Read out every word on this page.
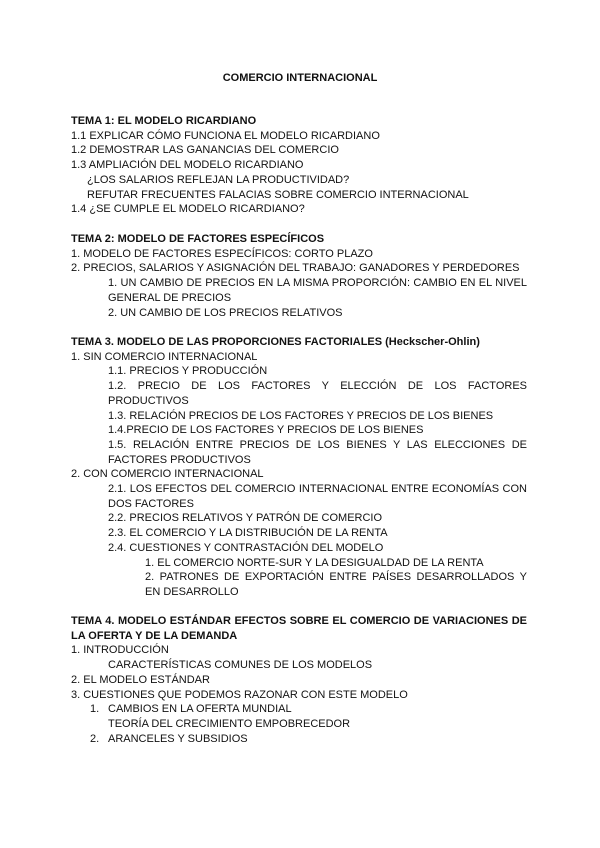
COMERCIO INTERNACIONAL
TEMA 1: EL MODELO RICARDIANO
1.1 EXPLICAR CÓMO FUNCIONA EL MODELO RICARDIANO
1.2 DEMOSTRAR LAS GANANCIAS DEL COMERCIO
1.3 AMPLIACIÓN DEL MODELO RICARDIANO
¿LOS SALARIOS REFLEJAN LA PRODUCTIVIDAD?
REFUTAR FRECUENTES FALACIAS SOBRE COMERCIO INTERNACIONAL
1.4 ¿SE CUMPLE EL MODELO RICARDIANO?
TEMA 2: MODELO DE FACTORES ESPECÍFICOS
1. MODELO DE FACTORES ESPECÍFICOS: CORTO PLAZO
2. PRECIOS, SALARIOS Y ASIGNACIÓN DEL TRABAJO: GANADORES Y PERDEDORES
1. UN CAMBIO DE PRECIOS EN LA MISMA PROPORCIÓN: CAMBIO EN EL NIVEL GENERAL DE PRECIOS
2. UN CAMBIO DE LOS PRECIOS RELATIVOS
TEMA 3. MODELO DE LAS PROPORCIONES FACTORIALES (Heckscher-Ohlin)
1. SIN COMERCIO INTERNACIONAL
1.1. PRECIOS Y PRODUCCIÓN
1.2. PRECIO DE LOS FACTORES Y ELECCIÓN DE LOS FACTORES PRODUCTIVOS
1.3. RELACIÓN PRECIOS DE LOS FACTORES Y PRECIOS DE LOS BIENES
1.4.PRECIO DE LOS FACTORES Y PRECIOS DE LOS BIENES
1.5. RELACIÓN ENTRE PRECIOS DE LOS BIENES Y LAS ELECCIONES DE FACTORES PRODUCTIVOS
2. CON COMERCIO INTERNACIONAL
2.1. LOS EFECTOS DEL COMERCIO INTERNACIONAL ENTRE ECONOMÍAS CON DOS FACTORES
2.2. PRECIOS RELATIVOS Y PATRÓN DE COMERCIO
2.3. EL COMERCIO Y LA DISTRIBUCIÓN DE LA RENTA
2.4. CUESTIONES Y CONTRASTACIÓN DEL MODELO
1. EL COMERCIO NORTE-SUR Y LA DESIGUALDAD DE LA RENTA
2. PATRONES DE EXPORTACIÓN ENTRE PAÍSES DESARROLLADOS Y EN DESARROLLO
TEMA 4. MODELO ESTÁNDAR EFECTOS SOBRE EL COMERCIO DE VARIACIONES DE LA OFERTA Y DE LA DEMANDA
1. INTRODUCCIÓN
CARACTERÍSTICAS COMUNES DE LOS MODELOS
2. EL MODELO ESTÁNDAR
3. CUESTIONES QUE PODEMOS RAZONAR CON ESTE MODELO
1. CAMBIOS EN LA OFERTA MUNDIAL
TEORÍA DEL CRECIMIENTO EMPOBRECEDOR
2. ARANCELES Y SUBSIDIOS
